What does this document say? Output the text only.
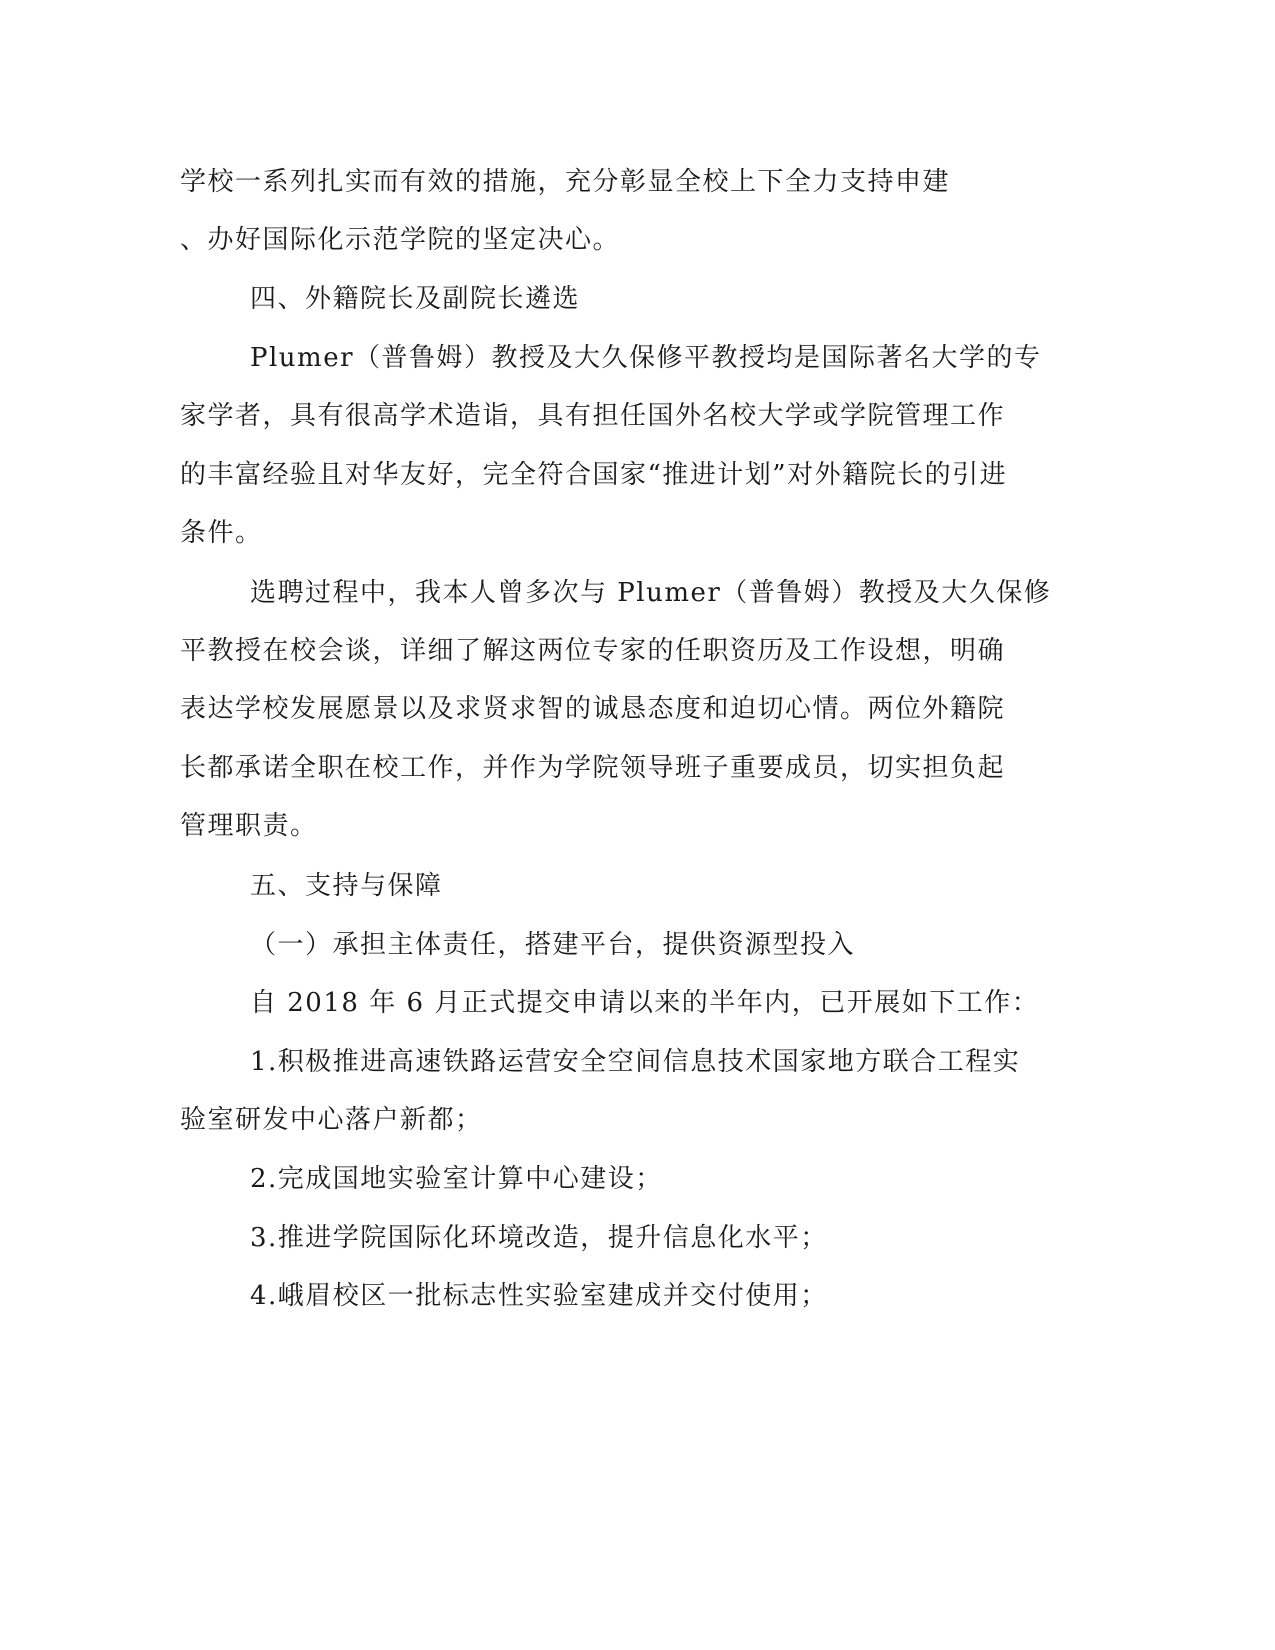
学校一系列扎实而有效的措施，充分彰显全校上下全力支持申建

、办好国际化示范学院的坚定决心。

四、外籍院长及副院长遴选

Plumer（普鲁姆）教授及大久保修平教授均是国际著名大学的专

家学者，具有很高学术造诣，具有担任国外名校大学或学院管理工作

的丰富经验且对华友好，完全符合国家“推进计划”对外籍院长的引进

条件。

选聘过程中，我本人曾多次与 Plumer（普鲁姆）教授及大久保修

平教授在校会谈，详细了解这两位专家的任职资历及工作设想，明确

表达学校发展愿景以及求贤求智的诚恳态度和迫切心情。两位外籍院

长都承诺全职在校工作，并作为学院领导班子重要成员，切实担负起

管理职责。

五、支持与保障

（一）承担主体责任，搭建平台，提供资源型投入

自 2018 年 6 月正式提交申请以来的半年内，已开展如下工作：

1.积极推进高速铁路运营安全空间信息技术国家地方联合工程实

验室研发中心落户新都；

2.完成国地实验室计算中心建设；

3.推进学院国际化环境改造，提升信息化水平；

4.峨眉校区一批标志性实验室建成并交付使用；
